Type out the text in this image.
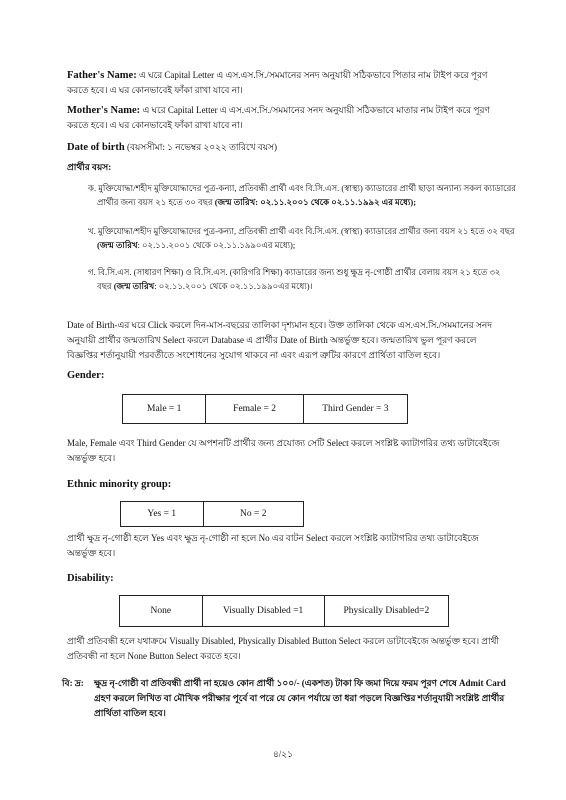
Father's Name: এ ঘরে Capital Letter এ এস.এস.সি./সমমানের সনদ অনুযায়ী সঠিকভাবে পিতার নাম টাইপ করে পূরণ করতে হবে। এ ঘর কোনভাবেই ফাঁকা রাখা যাবে না।
Mother's Name: এ ঘরে Capital Letter এ এস.এস.সি./সমমানের সনদ অনুযায়ী সঠিকভাবে মাতার নাম টাইপ করে পূরণ করতে হবে। এ ঘর কোনভাবেই ফাঁকা রাখা যাবে না।
Date of birth (বয়সসীমা: ১ নভেম্বর ২০২২ তারিখে বয়স)
প্রার্থীর বয়স:
ক. মুক্তিযোদ্ধা/শহীদ মুক্তিযোদ্ধাদের পুত্র-কন্যা, প্রতিবন্ধী প্রার্থী এবং বি.সি.এস. (স্বাস্থ্য) ক্যাডারের প্রার্থী ছাড়া অন্যান্য সকল ক্যাডারের প্রার্থীর জন্য বয়স ২১ হতে ৩০ বছর (জন্ম তারিখ: ০২.১১.২০০১ থেকে ০২.১১.১৯৯২ এর মধ্যে);
খ. মুক্তিযোদ্ধা/শহীদ মুক্তিযোদ্ধাদের পুত্র-কন্যা, প্রতিবন্ধী প্রার্থী এবং বি.সি.এস. (স্বাস্থ্য) ক্যাডারের প্রার্থীর জন্য বয়স ২১ হতে ৩২ বছর (জন্ম তারিখ: ০২.১১.২০০১ থেকে ০২.১১.১৯৯০এর মধ্যে);
গ. বি.সি.এস. (সাধারণ শিক্ষা) ও বি.সি.এস. (কারিগরি শিক্ষা) ক্যাডারের জন্য শুধু ক্ষুদ্র নৃ-গোষ্ঠী প্রার্থীর বেলায় বয়স ২১ হতে ৩২ বছর (জন্ম তারিখ: ০২.১১.২০০১ থেকে ০২.১১.১৯৯০এর মধ্যে)।
Date of Birth-এর ঘরে Click করলে দিন-মাস-বছরের তালিকা দৃশ্যমান হবে। উক্ত তালিকা থেকে এস.এস.সি./সমমানের সনদ অনুযায়ী প্রার্থীর জন্মতারিখ Select করলে Database এ প্রার্থীর Date of Birth অন্তর্ভুক্ত হবে। জন্মতারিখ ভুল পূরণ করলে বিজ্ঞপ্তির শর্তানুযায়ী পরবর্তীতে সংশোধনের সুযোগ থাকবে না এবং এরূপ ত্রুটির কারণে প্রার্থিতা বাতিল হবে।
Gender:
Male = 1	Female = 2	Third Gender = 3
Male, Female এবং Third Gender যে অপশনটি প্রার্থীর জন্য প্রযোজ্য সেটি Select করলে সংশ্লিষ্ট ক্যাটাগরির তথ্য ডাটাবেইজে অন্তর্ভুক্ত হবে।
Ethnic minority group:
Yes = 1	No = 2
প্রার্থী ক্ষুদ্র নৃ-গোষ্ঠী হলে Yes এবং ক্ষুদ্র নৃ-গোষ্ঠী না হলে No এর বাটন Select করলে সংশ্লিষ্ট ক্যাটাগরির তথ্য ডাটাবেইজে অন্তর্ভুক্ত হবে।
Disability:
None	Visually Disabled =1	Physically Disabled=2
প্রার্থী প্রতিবন্ধী হলে যথাক্রমে Visually Disabled, Physically Disabled Button Select করলে ডাটাবেইজে অন্তর্ভুক্ত হবে। প্রার্থী প্রতিবন্ধী না হলে None Button Select করতে হবে।
বি: দ্র: ক্ষুদ্র নৃ-গোষ্ঠী বা প্রতিবন্ধী প্রার্থী না হয়েও কোন প্রার্থী ১০০/- (একশত) টাকা ফি জমা দিয়ে ফরম পূরণ শেষে Admit Card গ্রহণ করলে লিখিত বা মৌখিক পরীক্ষার পূর্বে বা পরে যে কোন পর্যায়ে তা ধরা পড়লে বিজ্ঞপ্তির শর্তানুযায়ী সংশ্লিষ্ট প্রার্থীর প্রার্থিতা বাতিল হবে।
৪/২১
